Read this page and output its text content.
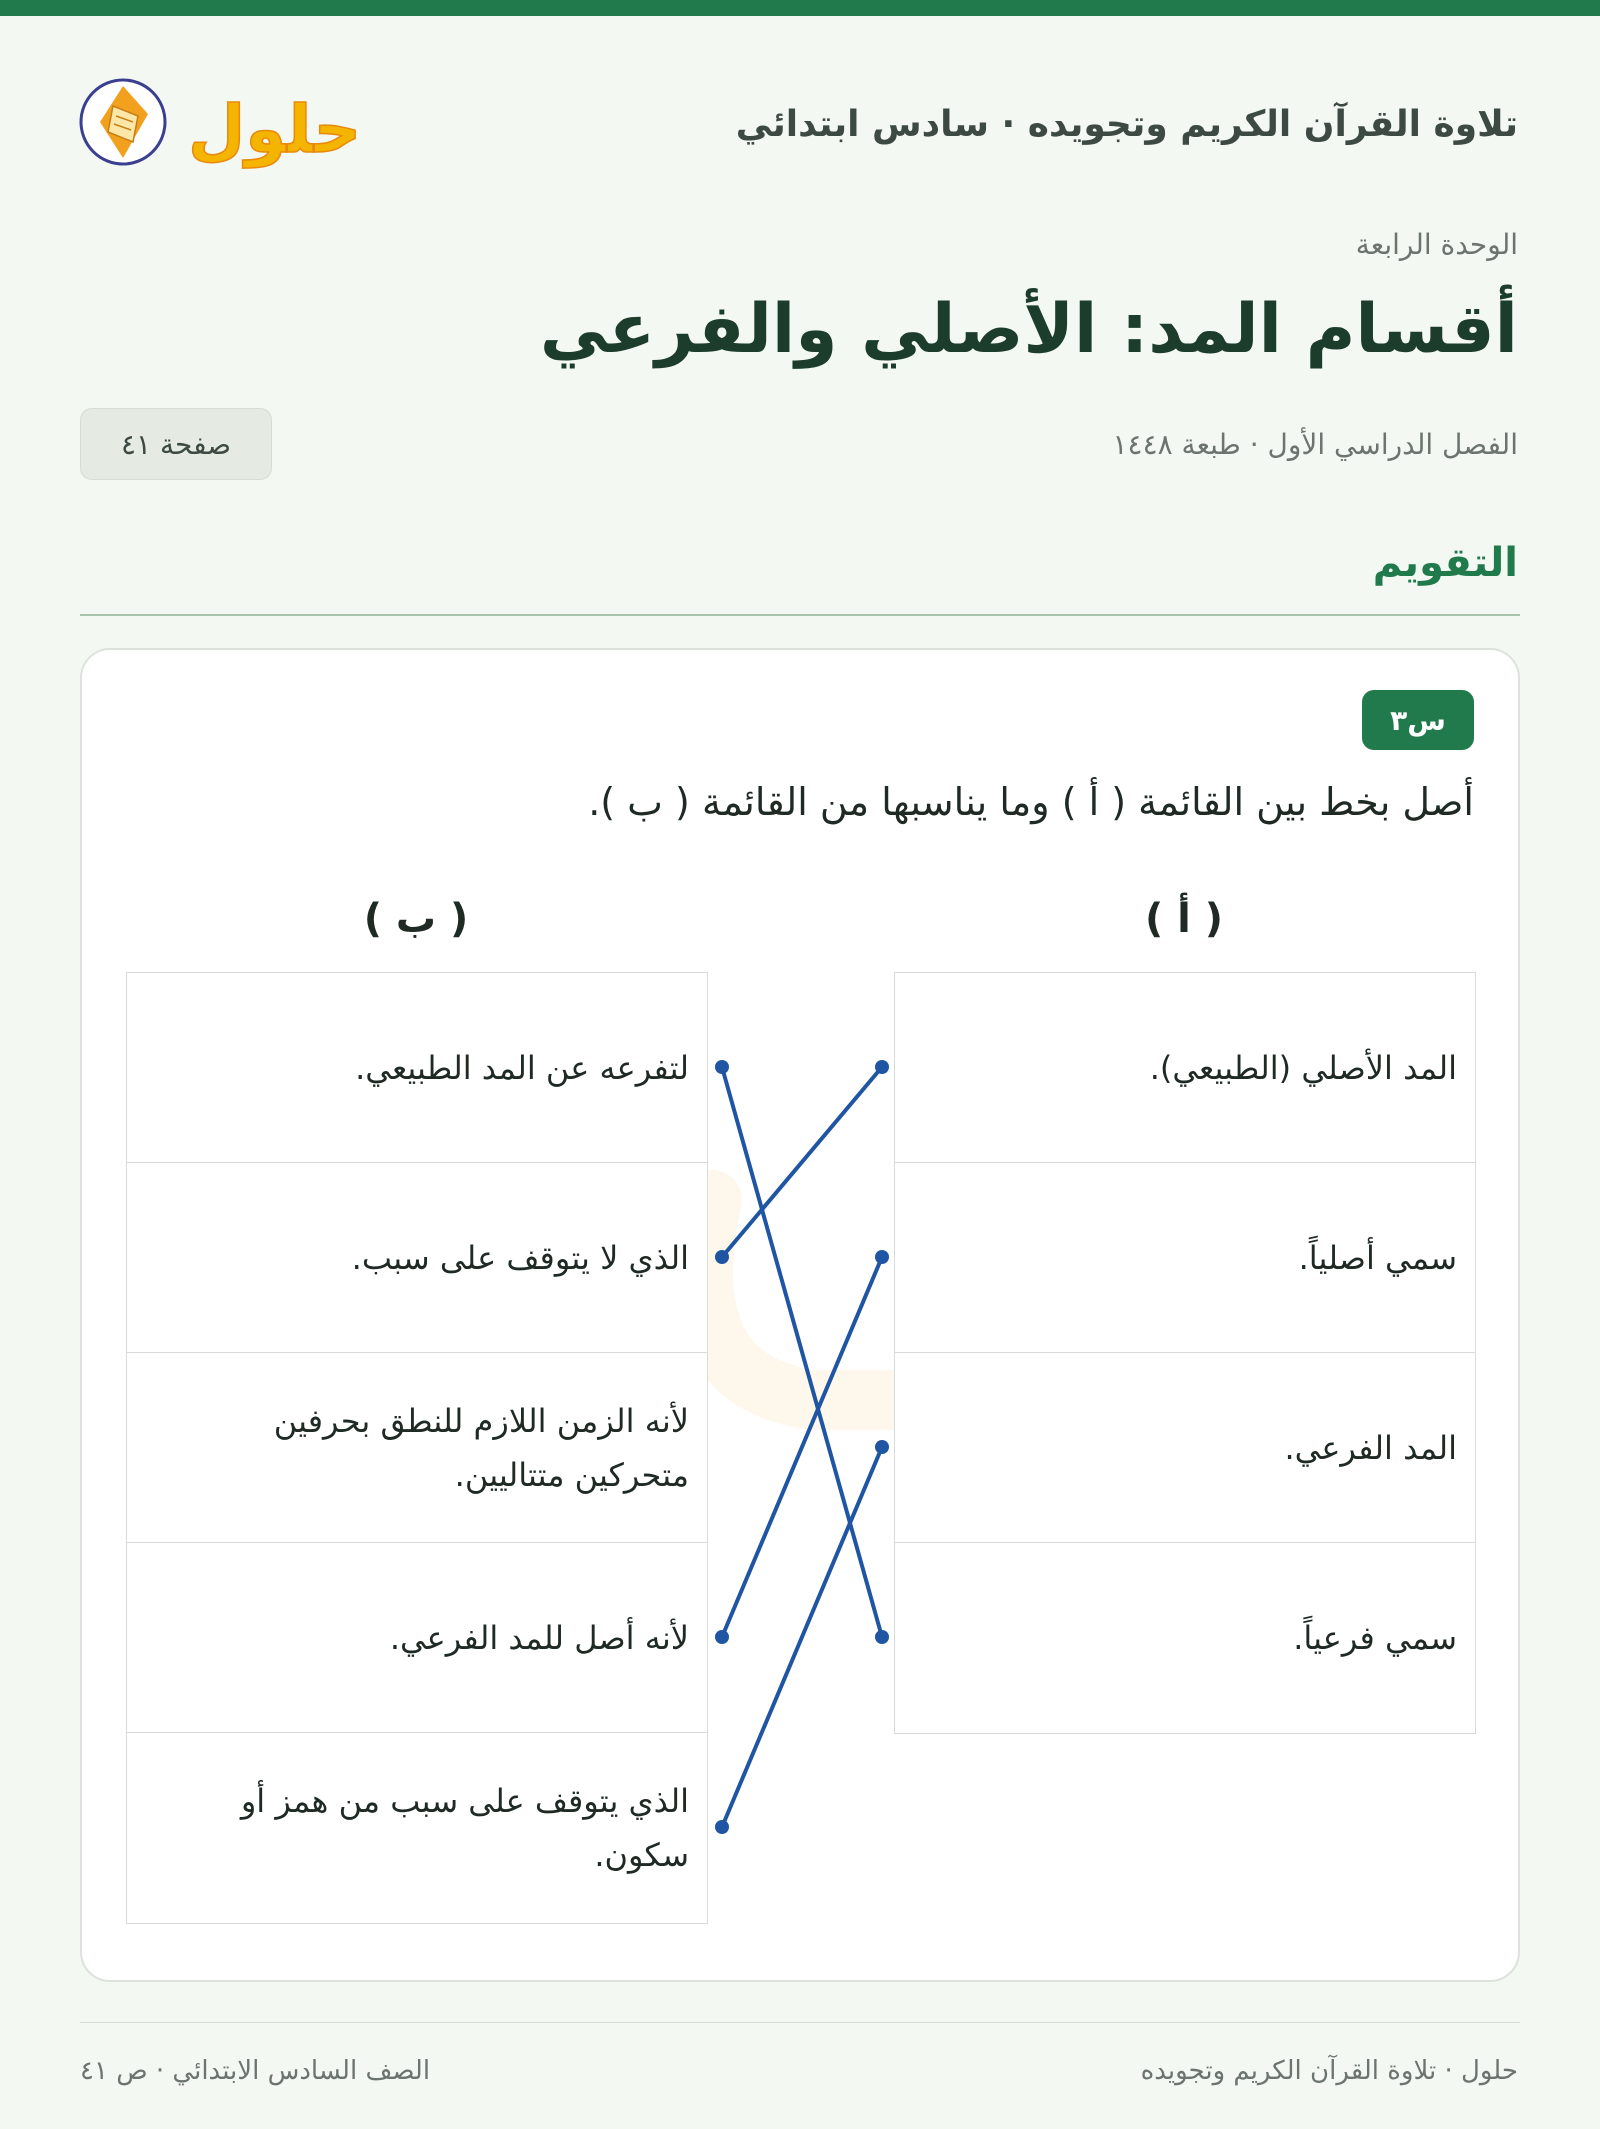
تلاوة القرآن الكريم وتجويده · سادس ابتدائي
حلول
الوحدة الرابعة
أقسام المد: الأصلي والفرعي
الفصل الدراسي الأول · طبعة ١٤٤٨
صفحة ٤١
التقويم
س٣
أصل بخط بين القائمة ( أ ) وما يناسبها من القائمة ( ب ).
( أ )
( ب )
المد الأصلي (الطبيعي).
سمي أصلياً.
المد الفرعي.
سمي فرعياً.
لتفرعه عن المد الطبيعي.
الذي لا يتوقف على سبب.
لأنه الزمن اللازم للنطق بحرفين متحركين متتاليين.
لأنه أصل للمد الفرعي.
الذي يتوقف على سبب من همز أو سكون.
حلول · تلاوة القرآن الكريم وتجويده
الصف السادس الابتدائي · ص ٤١
